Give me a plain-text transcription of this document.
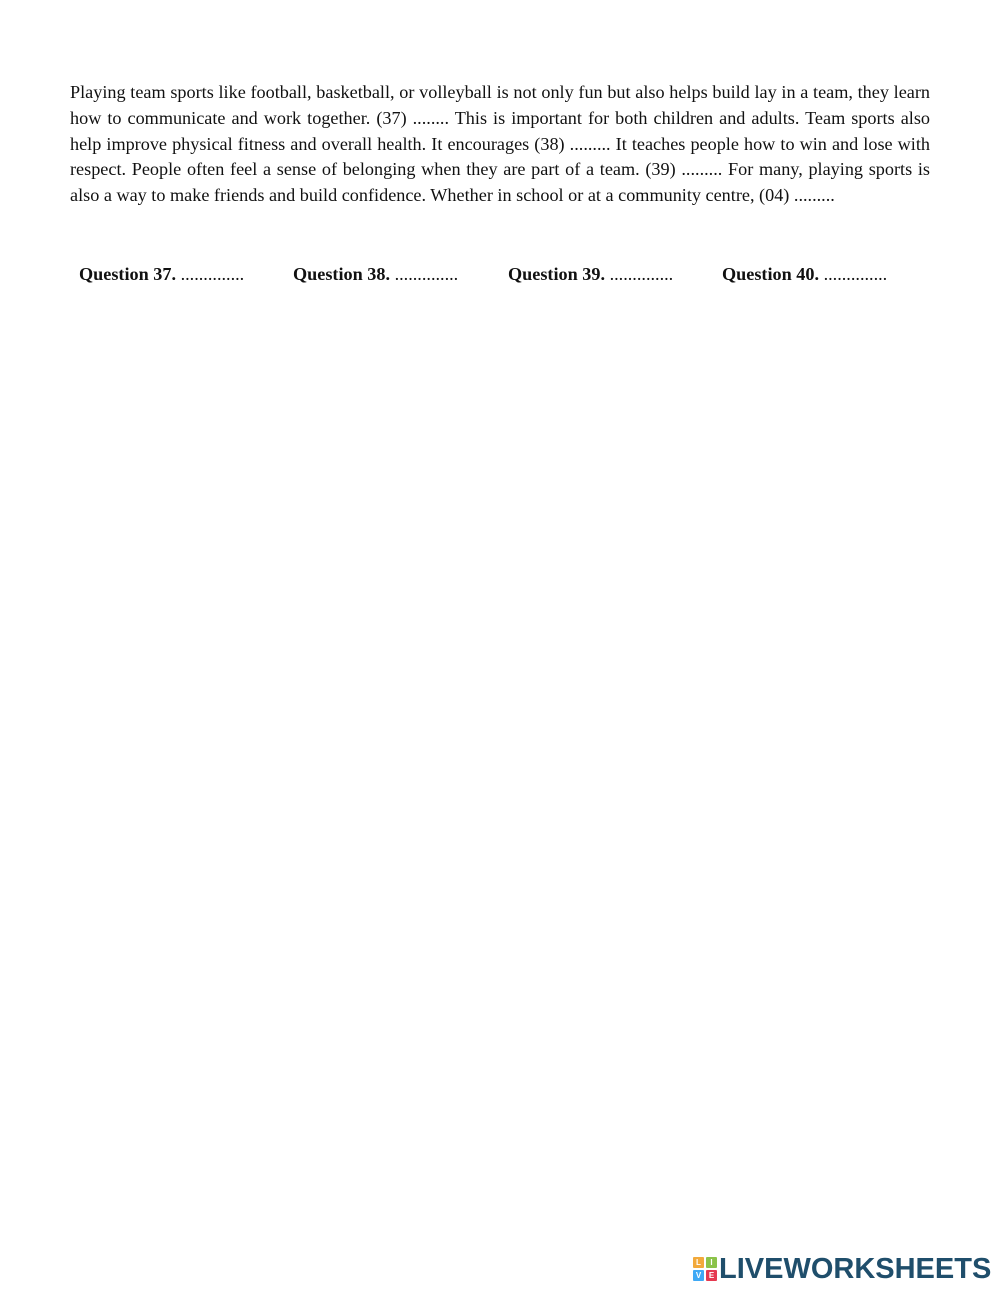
Playing team sports like football, basketball, or volleyball is not only fun but also helps build lay in a team, they learn how to communicate and work together. (37) ........ This is important for both children and adults. Team sports also help improve physical fitness and overall health. It encourages (38) ......... It teaches people how to win and lose with respect. People often feel a sense of belonging when they are part of a team. (39) ......... For many, playing sports is also a way to make friends and build confidence. Whether in school or at a community centre, (04) .........

Question 37. ..............	Question 38. ..............	Question 39. ..............	Question 40. ..............
L	I
V E LIVEWORKSHEETS
